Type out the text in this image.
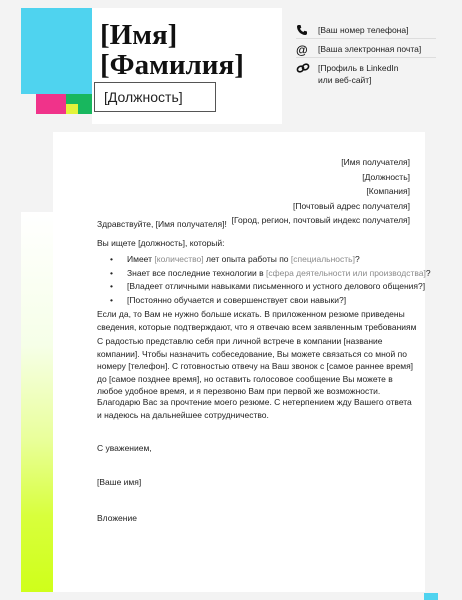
[Имя]
[Фамилия]
[Должность]
[Ваш номер телефона]
@	[Ваша электронная почта]
[Профиль в LinkedIn
или веб-сайт]
[Имя получателя]
[Должность]
[Компания]
[Почтовый адрес получателя]
[Город, регион, почтовый индекс получателя]
Здравствуйте, [Имя получателя]!
Вы ищете [должность], который:
• Имеет [количество] лет опыта работы по [специальность]?
• Знает все последние технологии в [сфера деятельности или производства]?
• [Владеет отличными навыками письменного и устного делового общения?]
• [Постоянно обучается и совершенствует свои навыки?]
Если да, то Вам не нужно больше искать. В приложенном резюме приведены сведения, которые подтверждают, что я отвечаю всем заявленным требованиям
С радостью представлю себя при личной встрече в компании [название компании]. Чтобы назначить собеседование, Вы можете связаться со мной по номеру [телефон]. С готовностью отвечу на Ваш звонок с [самое раннее время] до [самое позднее время], но оставить голосовое сообщение Вы можете в любое удобное время, и я перезвоню Вам при первой же возможности.
Благодарю Вас за прочтение моего резюме. С нетерпением жду Вашего ответа и надеюсь на дальнейшее сотрудничество.
С уважением,
[Ваше имя]
Вложение
